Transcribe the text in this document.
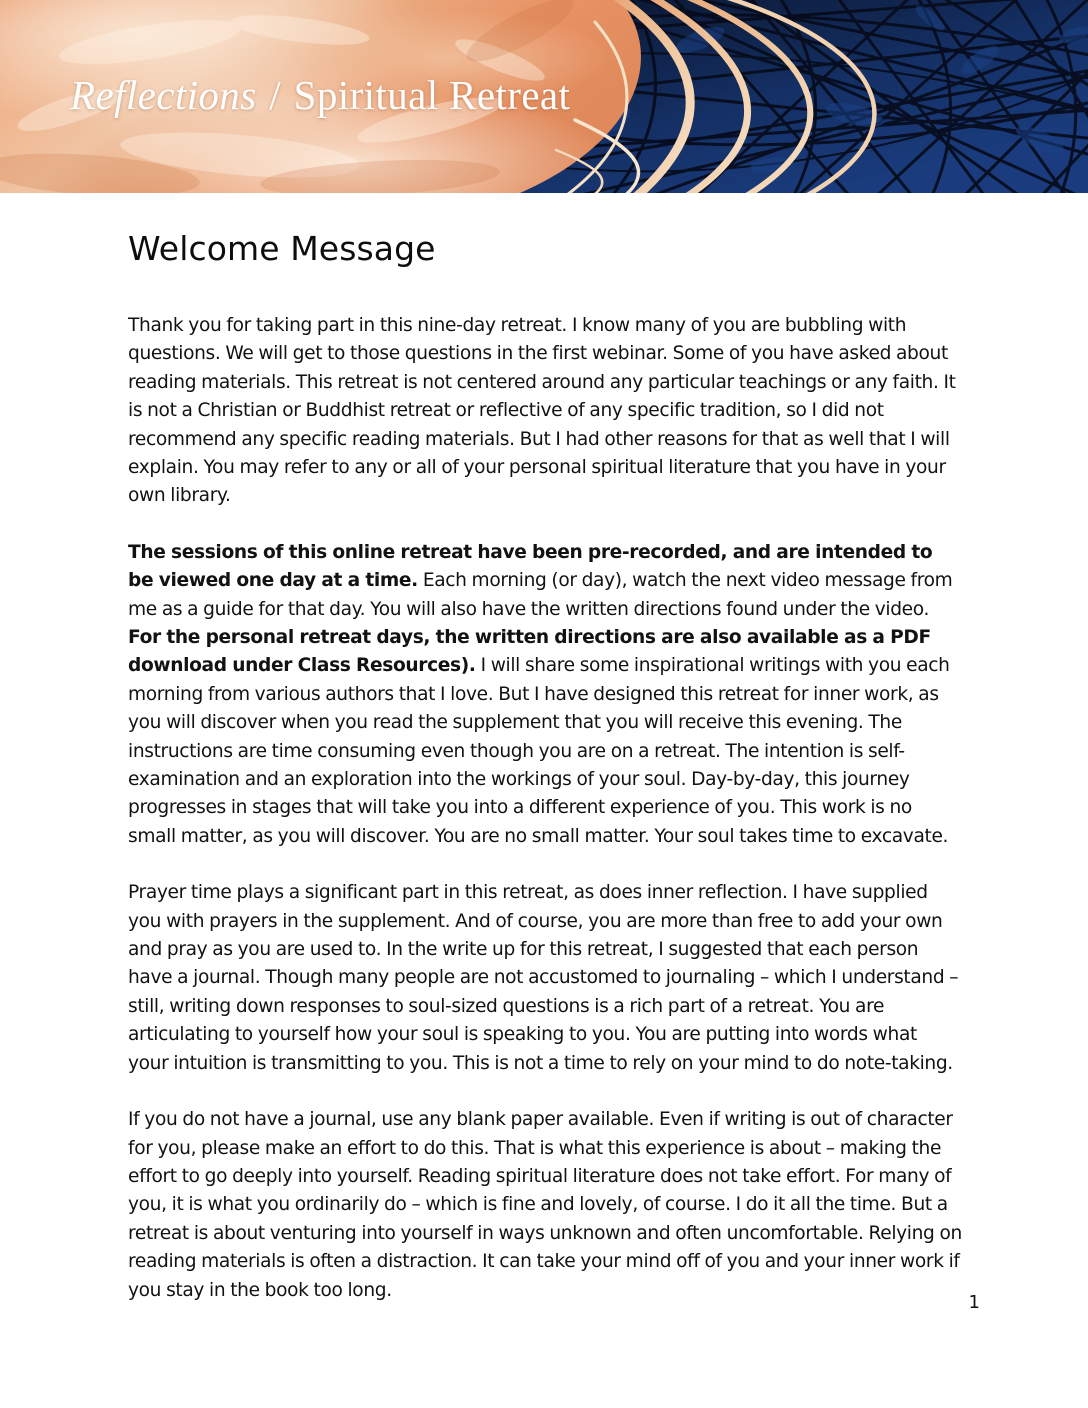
Reflections / Spiritual Retreat
Welcome Message

Thank you for taking part in this nine-day retreat. I know many of you are bubbling with questions. We will get to those questions in the first webinar. Some of you have asked about reading materials. This retreat is not centered around any particular teachings or any faith. It is not a Christian or Buddhist retreat or reflective of any specific tradition, so I did not recommend any specific reading materials. But I had other reasons for that as well that I will explain. You may refer to any or all of your personal spiritual literature that you have in your own library.

The sessions of this online retreat have been pre-recorded, and are intended to be viewed one day at a time. Each morning (or day), watch the next video message from me as a guide for that day. You will also have the written directions found under the video. For the personal retreat days, the written directions are also available as a PDF download under Class Resources). I will share some inspirational writings with you each morning from various authors that I love. But I have designed this retreat for inner work, as you will discover when you read the supplement that you will receive this evening. The instructions are time consuming even though you are on a retreat. The intention is self-examination and an exploration into the workings of your soul. Day-by-day, this journey progresses in stages that will take you into a different experience of you. This work is no small matter, as you will discover. You are no small matter. Your soul takes time to excavate.

Prayer time plays a significant part in this retreat, as does inner reflection. I have supplied you with prayers in the supplement. And of course, you are more than free to add your own and pray as you are used to. In the write up for this retreat, I suggested that each person have a journal. Though many people are not accustomed to journaling – which I understand – still, writing down responses to soul-sized questions is a rich part of a retreat. You are articulating to yourself how your soul is speaking to you. You are putting into words what your intuition is transmitting to you. This is not a time to rely on your mind to do note-taking.

If you do not have a journal, use any blank paper available. Even if writing is out of character for you, please make an effort to do this. That is what this experience is about – making the effort to go deeply into yourself. Reading spiritual literature does not take effort. For many of you, it is what you ordinarily do – which is fine and lovely, of course. I do it all the time. But a retreat is about venturing into yourself in ways unknown and often uncomfortable. Relying on reading materials is often a distraction. It can take your mind off of you and your inner work if you stay in the book too long.

1
